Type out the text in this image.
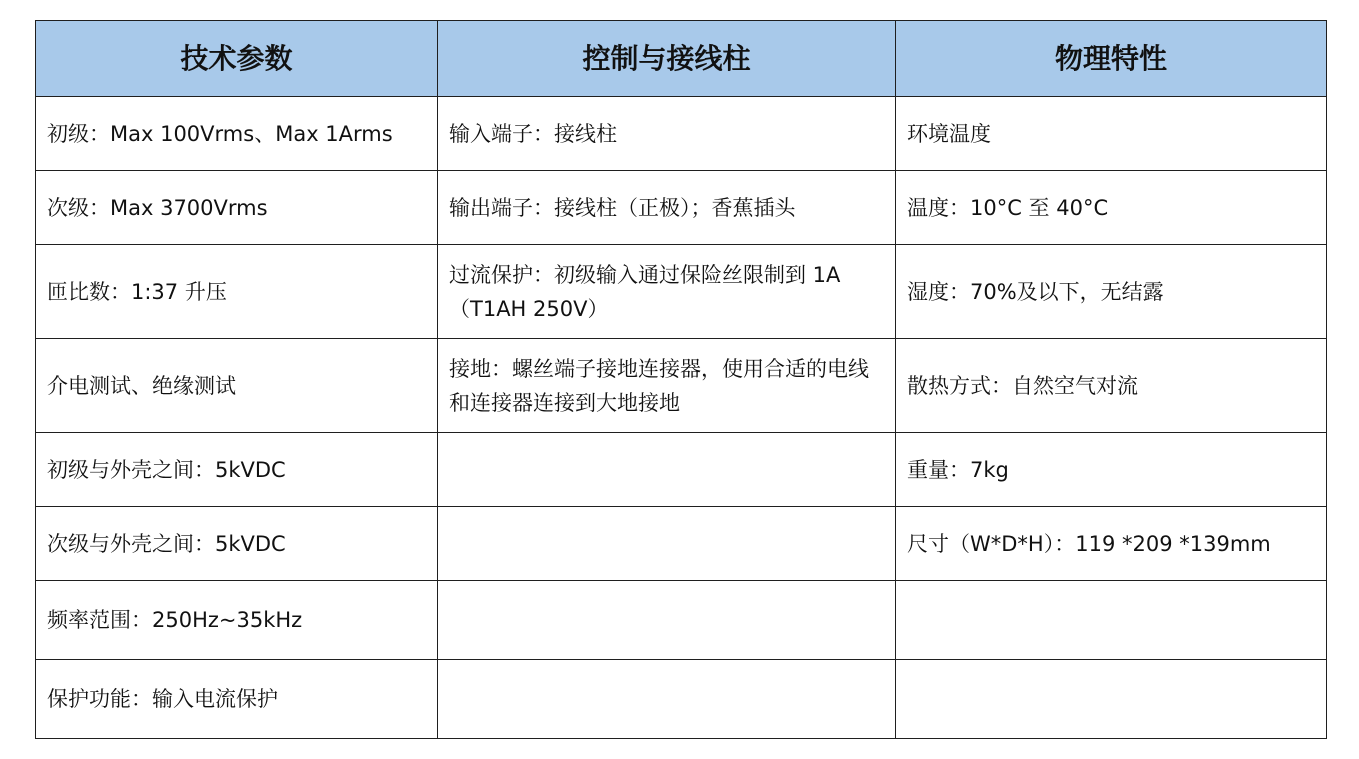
技术参数	控制与接线柱	物理特性
初级：Max 100Vrms、Max 1Arms	输入端子：接线柱	环境温度
次级：Max 3700Vrms	输出端子：接线柱（正极）；香蕉插头	温度：10°C 至 40°C
匝比数：1:37 升压	过流保护：初级输入通过保险丝限制到 1A（T1AH 250V）	湿度：70%及以下，无结露
介电测试、绝缘测试	接地：螺丝端子接地连接器，使用合适的电线和连接器连接到大地接地	散热方式：自然空气对流
初级与外壳之间：5kVDC		重量：7kg
次级与外壳之间：5kVDC		尺寸（W*D*H）：119 *209 *139mm
频率范围：250Hz~35kHz		
保护功能：输入电流保护		
